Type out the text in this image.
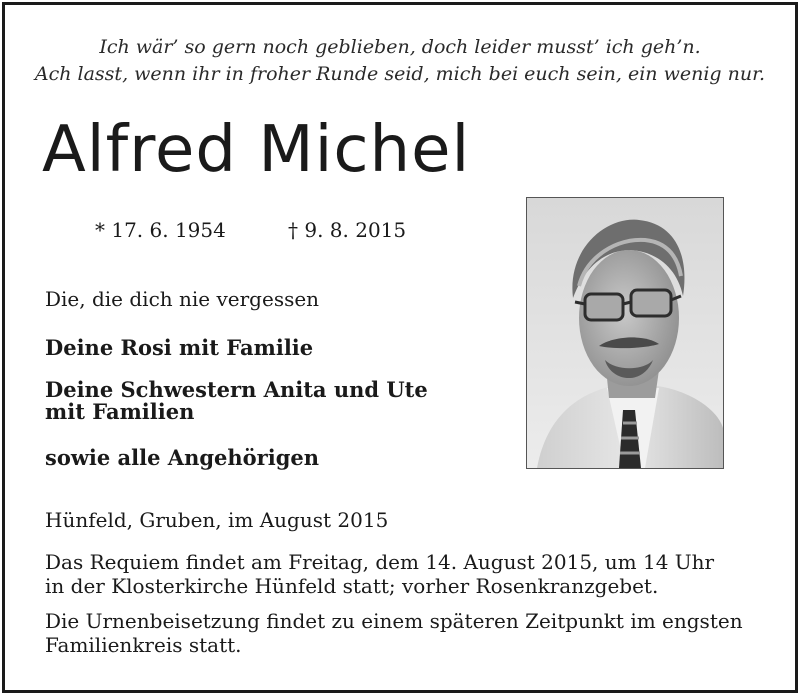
Ich wär’ so gern noch geblieben, doch leider musst’ ich geh’n.
Ach lasst, wenn ihr in froher Runde seid, mich bei euch sein, ein wenig nur.
Alfred Michel
* 17. 6. 1954	† 9. 8. 2015
Die, die dich nie vergessen
Deine Rosi mit Familie
Deine Schwestern Anita und Ute
mit Familien
sowie alle Angehörigen
Hünfeld, Gruben, im August 2015
Das Requiem findet am Freitag, dem 14. August 2015, um 14 Uhr
in der Klosterkirche Hünfeld statt; vorher Rosenkranzgebet.
Die Urnenbeisetzung findet zu einem späteren Zeitpunkt im engsten
Familienkreis statt.
